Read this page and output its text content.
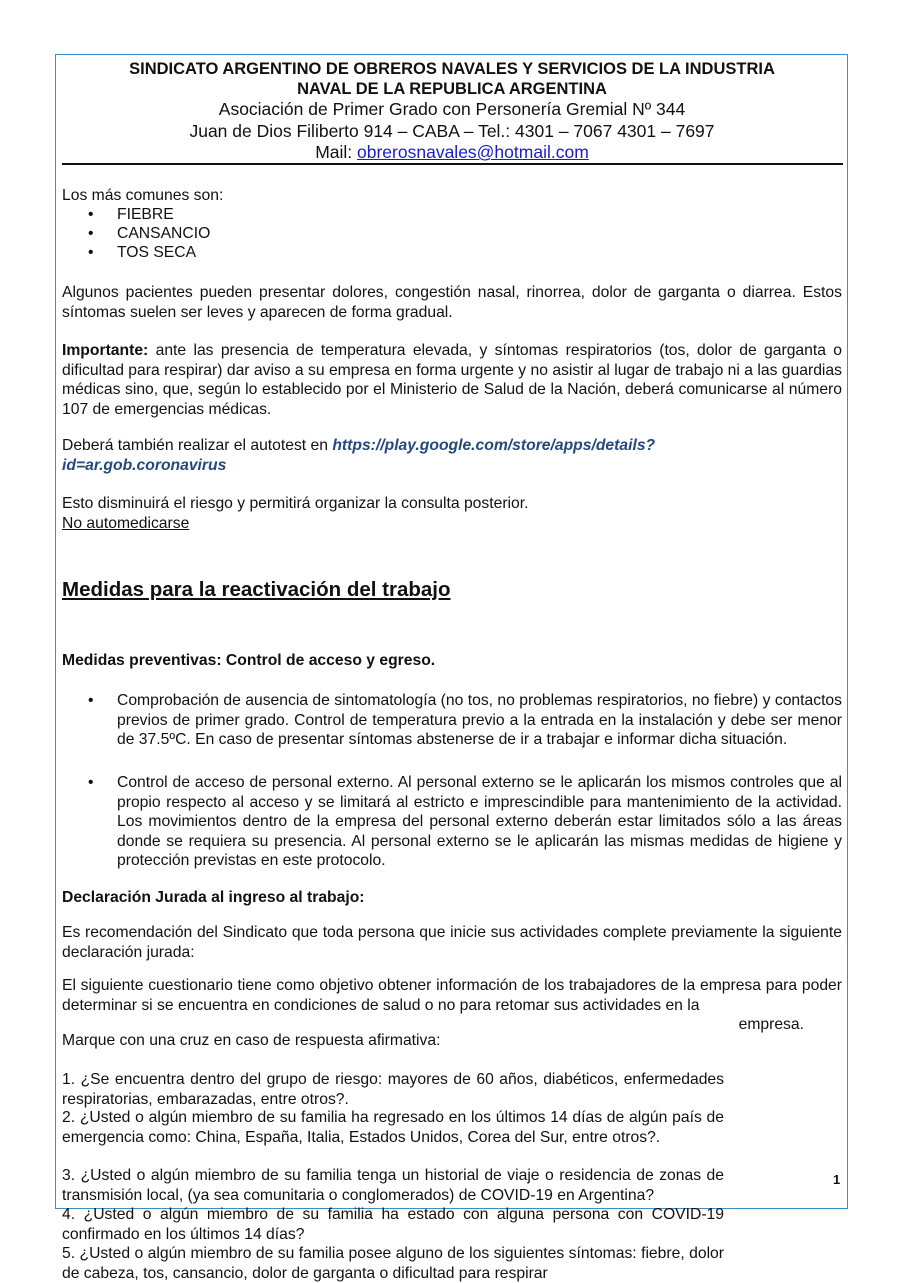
SINDICATO ARGENTINO DE OBREROS NAVALES Y SERVICIOS DE LA INDUSTRIA

NAVAL DE LA REPUBLICA ARGENTINA

Asociación de Primer Grado con Personería Gremial Nº 344

Juan de Dios Filiberto 914 – CABA – Tel.: 4301 – 7067 4301 – 7697

Mail: obrerosnavales@hotmail.com

Los más comunes son:

• FIEBRE

• CANSANCIO

• TOS SECA

Algunos pacientes pueden presentar dolores, congestión nasal, rinorrea, dolor de garganta o diarrea. Estos síntomas suelen ser leves y aparecen de forma gradual.

Importante: ante las presencia de temperatura elevada, y síntomas respiratorios (tos, dolor de garganta o dificultad para respirar) dar aviso a su empresa en forma urgente y no asistir al lugar de trabajo ni a las guardias médicas sino, que, según lo establecido por el Ministerio de Salud de la Nación, deberá comunicarse al número 107 de emergencias médicas.

Deberá también realizar el autotest en https://play.google.com/store/apps/details?

id=ar.gob.coronavirus

Esto disminuirá el riesgo y permitirá organizar la consulta posterior.

No automedicarse

Medidas para la reactivación del trabajo

Medidas preventivas: Control de acceso y egreso.

• Comprobación de ausencia de sintomatología (no tos, no problemas respiratorios, no fiebre) y contactos previos de primer grado. Control de temperatura previo a la entrada en la instalación y debe ser menor de 37.5ºC. En caso de presentar síntomas abstenerse de ir a trabajar e informar dicha situación.

• Control de acceso de personal externo. Al personal externo se le aplicarán los mismos controles que al propio respecto al acceso y se limitará al estricto e imprescindible para mantenimiento de la actividad. Los movimientos dentro de la empresa del personal externo deberán estar limitados sólo a las áreas donde se requiera su presencia. Al personal externo se le aplicarán las mismas medidas de higiene y protección previstas en este protocolo.

Declaración Jurada al ingreso al trabajo:

Es recomendación del Sindicato que toda persona que inicie sus actividades complete previamente la siguiente declaración jurada:

El siguiente cuestionario tiene como objetivo obtener información de los trabajadores de la empresa para poder determinar si se encuentra en condiciones de salud o no para retomar sus actividades en la

empresa.

Marque con una cruz en caso de respuesta afirmativa:

1. ¿Se encuentra dentro del grupo de riesgo: mayores de 60 años, diabéticos, enfermedades respiratorias, embarazadas, entre otros?.

2. ¿Usted o algún miembro de su familia ha regresado en los últimos 14 días de algún país de emergencia como: China, España, Italia, Estados Unidos, Corea del Sur, entre otros?.

3. ¿Usted o algún miembro de su familia tenga un historial de viaje o residencia de zonas de transmisión local, (ya sea comunitaria o conglomerados) de COVID-19 en Argentina?

4. ¿Usted o algún miembro de su familia ha estado con alguna persona con COVID-19 confirmado en los últimos 14 días?

5. ¿Usted o algún miembro de su familia posee alguno de los siguientes síntomas: fiebre, dolor de cabeza, tos, cansancio, dolor de garganta o dificultad para respirar

1
